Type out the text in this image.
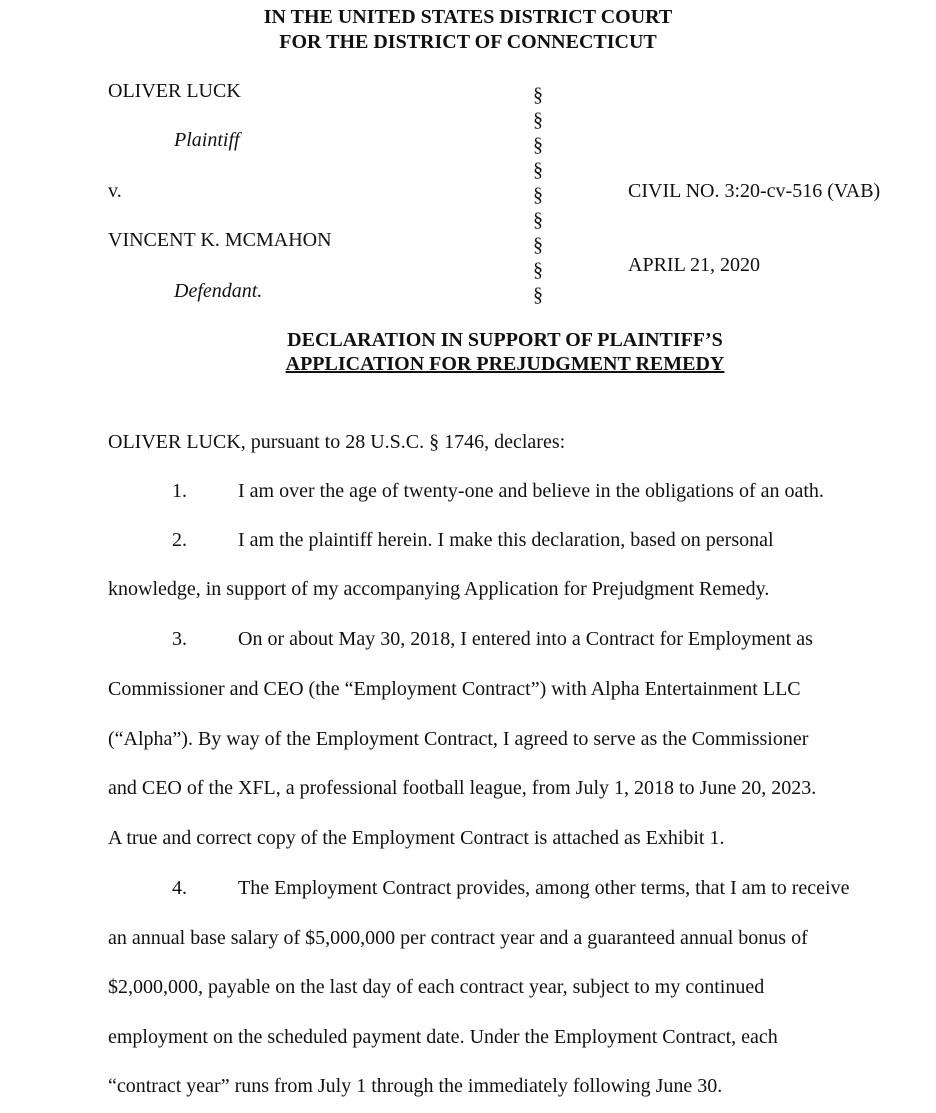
IN THE UNITED STATES DISTRICT COURT
FOR THE DISTRICT OF CONNECTICUT
OLIVER LUCK
Plaintiff
v.
VINCENT K. MCMAHON
Defendant.
§
§
§
§
§
§
§
§
§
CIVIL NO. 3:20-cv-516 (VAB)
APRIL 21, 2020
DECLARATION IN SUPPORT OF PLAINTIFF’S
APPLICATION FOR PREJUDGMENT REMEDY
OLIVER LUCK, pursuant to 28 U.S.C. § 1746, declares:
1.	I am over the age of twenty-one and believe in the obligations of an oath.
2.	I am the plaintiff herein. I make this declaration, based on personal
knowledge, in support of my accompanying Application for Prejudgment Remedy.
3.	On or about May 30, 2018, I entered into a Contract for Employment as
Commissioner and CEO (the “Employment Contract”) with Alpha Entertainment LLC
(“Alpha”). By way of the Employment Contract, I agreed to serve as the Commissioner
and CEO of the XFL, a professional football league, from July 1, 2018 to June 20, 2023.
A true and correct copy of the Employment Contract is attached as Exhibit 1.
4.	The Employment Contract provides, among other terms, that I am to receive
an annual base salary of $5,000,000 per contract year and a guaranteed annual bonus of
$2,000,000, payable on the last day of each contract year, subject to my continued
employment on the scheduled payment date. Under the Employment Contract, each
“contract year” runs from July 1 through the immediately following June 30.
